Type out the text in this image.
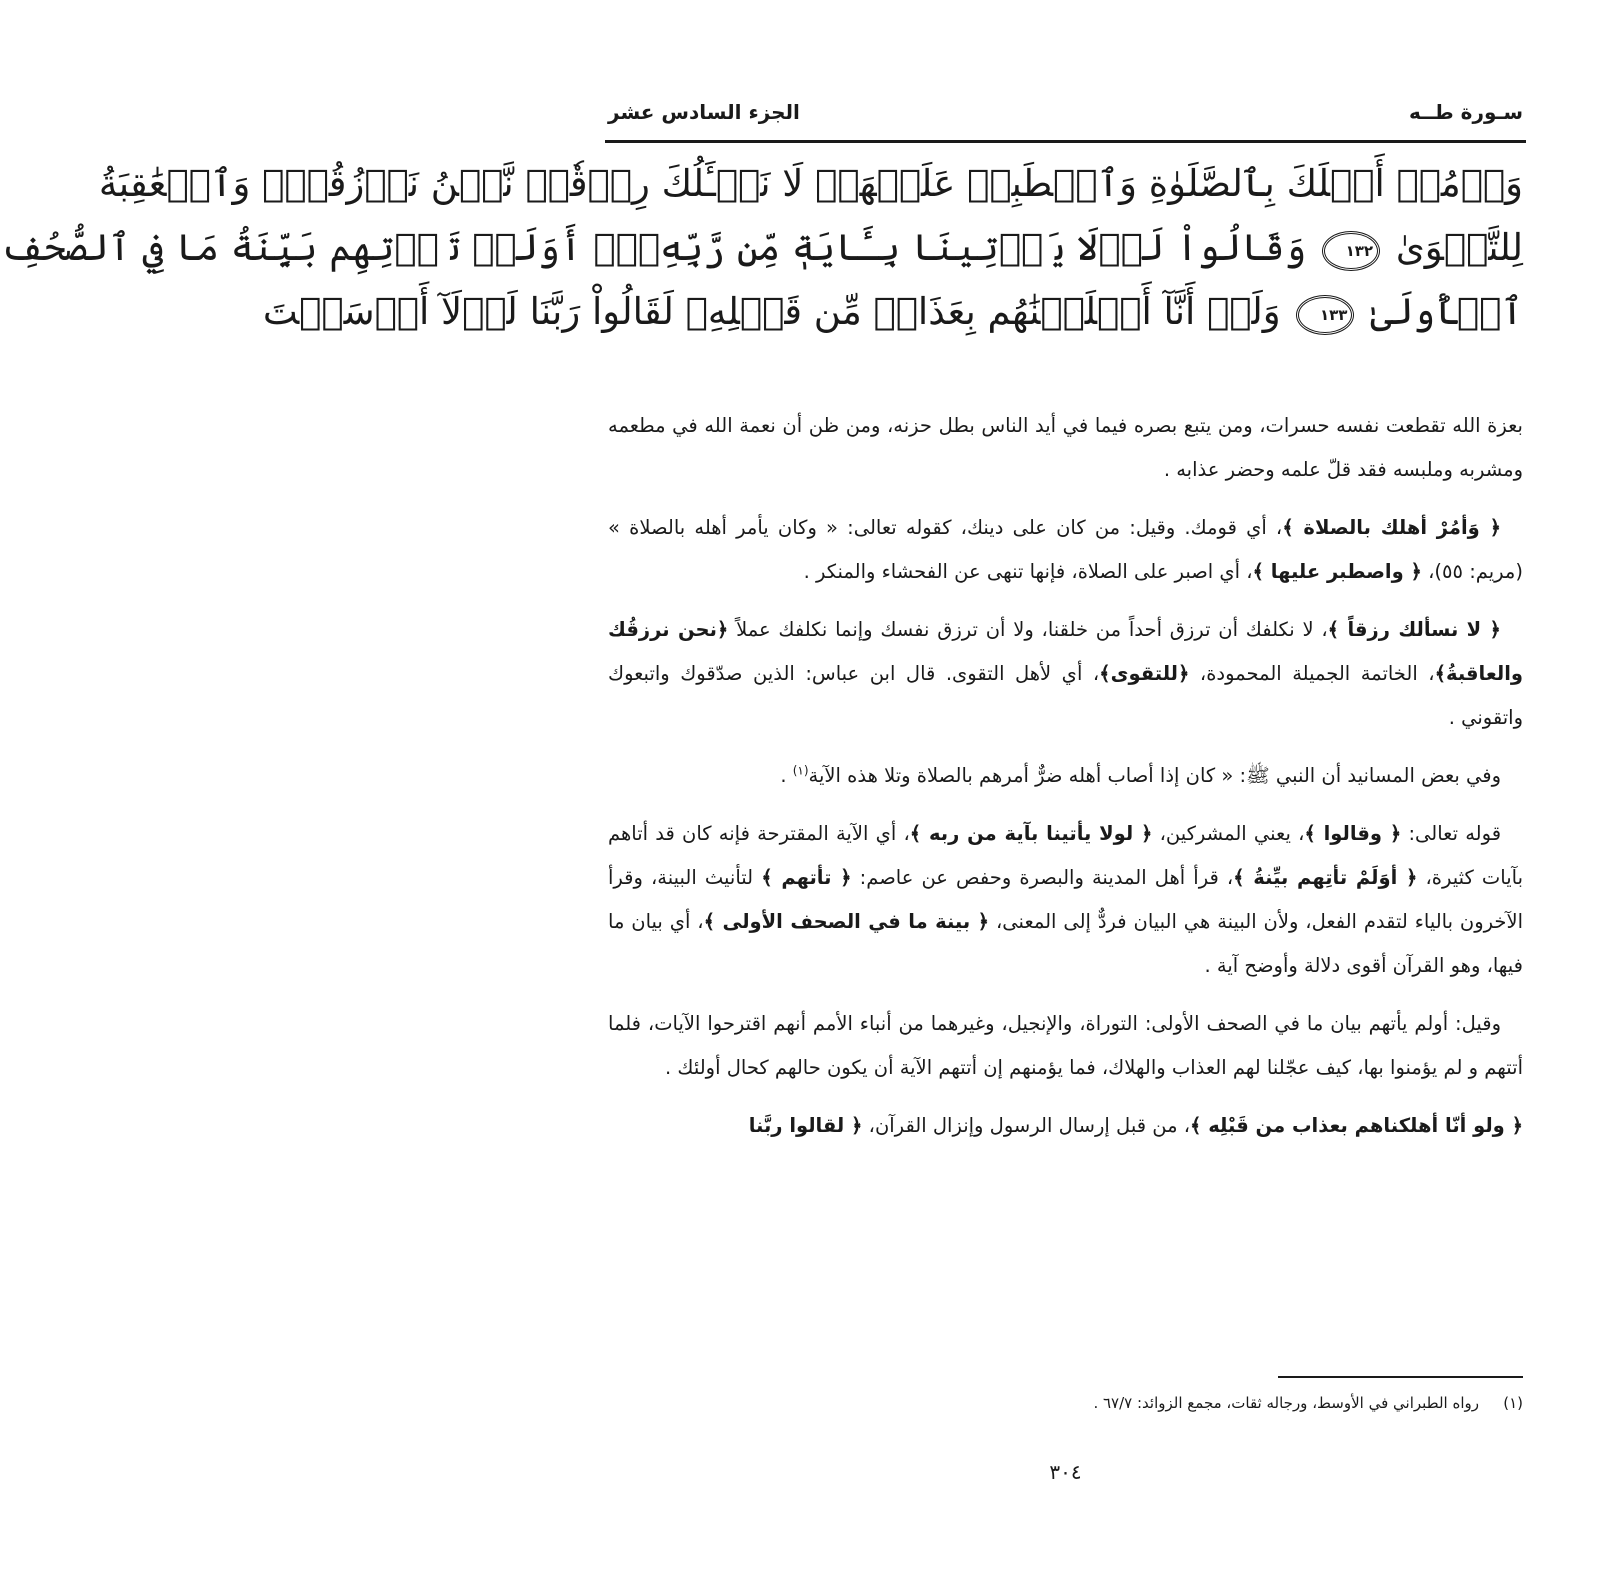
سـورة طــه
الجزء السادس عشر
وَأۡمُرۡ أَهۡلَكَ بِٱلصَّلَوٰةِ وَٱصۡطَبِرۡ عَلَيۡهَاۖ لَا نَسۡـَٔلُكَ رِزۡقٗاۖ نَّحۡنُ نَرۡزُقُكَۗ وَٱلۡعَٰقِبَةُ
لِلتَّقۡوَىٰ ١٣٢ وَقَالُواْ لَوۡلَا يَأۡتِينَا بِـَٔايَةٖ مِّن رَّبِّهِۦٓۚ أَوَلَمۡ تَأۡتِهِم بَيِّنَةُ مَا فِي ٱلصُّحُفِ
ٱلۡأُولَىٰ ١٣٣ وَلَوۡ أَنَّآ أَهۡلَكۡنَٰهُم بِعَذَابٖ مِّن قَبۡلِهِۦ لَقَالُواْ رَبَّنَا لَوۡلَآ أَرۡسَلۡتَ

بعزة الله تقطعت نفسه حسرات، ومن يتبع بصره فيما في أيد الناس بطل حزنه، ومن ظن أن نعمة الله في مطعمه ومشربه وملبسه فقد قلّ علمه وحضر عذابه .

﴿ وَأمُرْ أهلك بالصلاة ﴾، أي قومك. وقيل: من كان على دينك، كقوله تعالى: « وكان يأمر أهله بالصلاة » (مريم: ٥٥)، ﴿ واصطبر عليها ﴾، أي اصبر على الصلاة، فإنها تنهى عن الفحشاء والمنكر .

﴿ لا نسألك رزقاً ﴾، لا نكلفك أن ترزق أحداً من خلقنا، ولا أن ترزق نفسك وإنما نكلفك عملاً ﴿نحن نرزقُك والعاقبةُ﴾، الخاتمة الجميلة المحمودة، ﴿للتقوى﴾، أي لأهل التقوى. قال ابن عباس: الذين صدّقوك واتبعوك واتقوني .

وفي بعض المسانيد أن النبي ﷺ: « كان إذا أصاب أهله ضرٌّ أمرهم بالصلاة وتلا هذه الآية$^{(١)}$ .

قوله تعالى: ﴿ وقالوا ﴾، يعني المشركين، ﴿ لولا يأتينا بآية من ربه ﴾، أي الآية المقترحة فإنه كان قد أتاهم بآيات كثيرة، ﴿ أوَلَمْ تأتِهم بيِّنةُ ﴾، قرأ أهل المدينة والبصرة وحفص عن عاصم: ﴿ تأتهم ﴾ لتأنيث البينة، وقرأ الآخرون بالياء لتقدم الفعل، ولأن البينة هي البيان فردٌّ إلى المعنى، ﴿ بينة ما في الصحف الأولى ﴾، أي بيان ما فيها، وهو القرآن أقوى دلالة وأوضح آية .

وقيل: أولم يأتهم بيان ما في الصحف الأولى: التوراة، والإنجيل، وغيرهما من أنباء الأمم أنهم اقترحوا الآيات، فلما أتتهم و لم يؤمنوا بها، كيف عجّلنا لهم العذاب والهلاك، فما يؤمنهم إن أتتهم الآية أن يكون حالهم كحال أولئك .

﴿ ولو أنّا أهلكناهم بعذاب من قَبْلِه ﴾، من قبل إرسال الرسول وإنزال القرآن، ﴿ لقالوا ربَّنا

(١)رواه الطبراني في الأوسط، ورجاله ثقات، مجمع الزوائد: ٦٧/٧ .
٣٠٤
